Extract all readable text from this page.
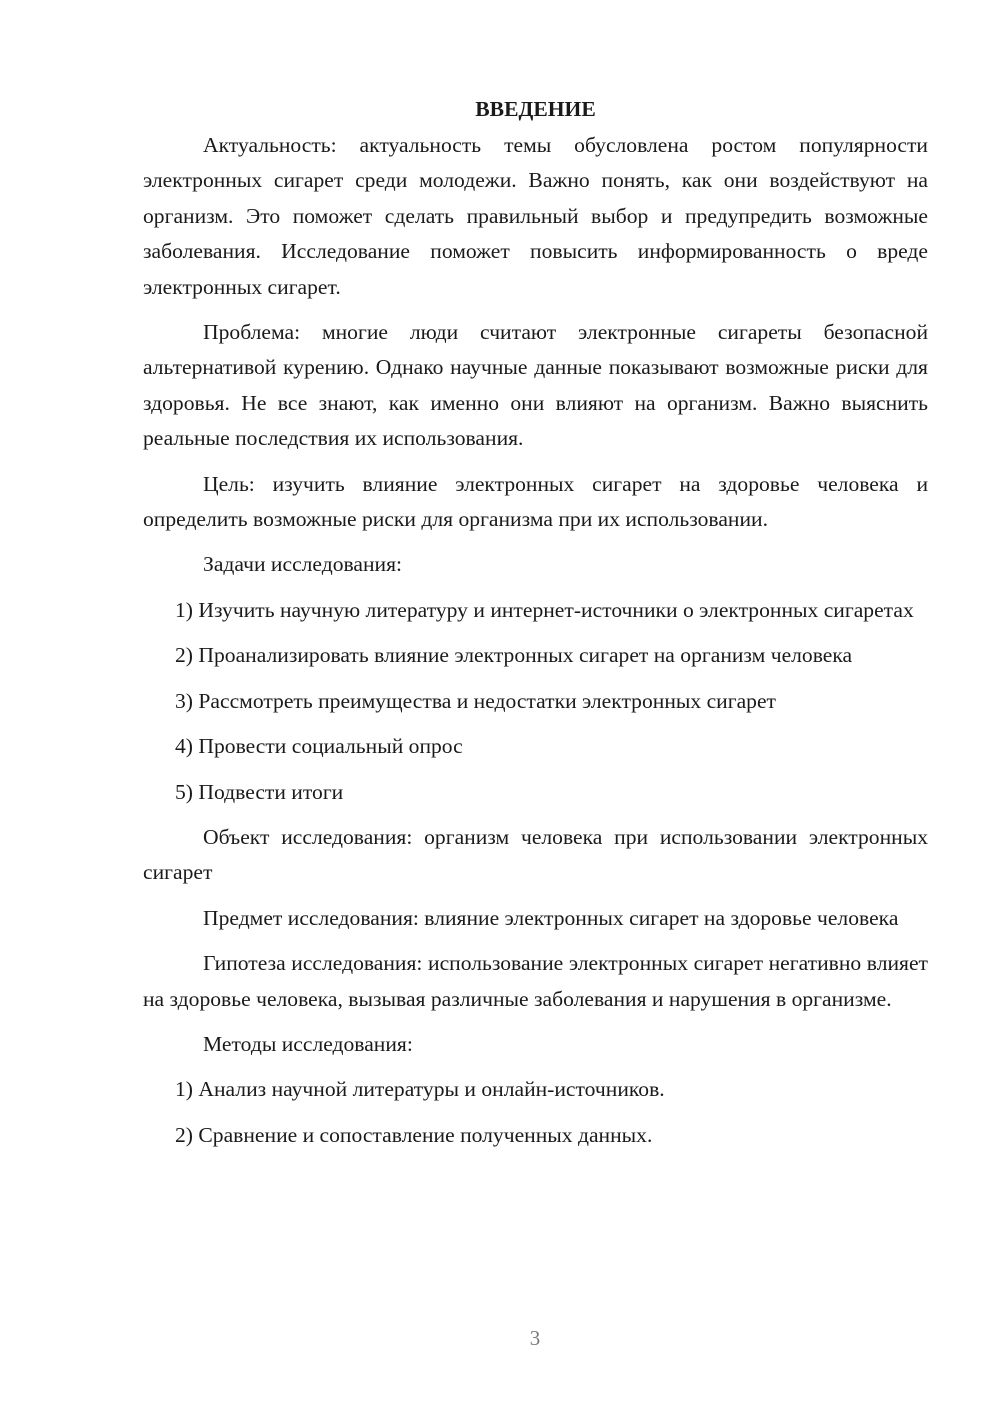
ВВЕДЕНИЕ

Актуальность: актуальность темы обусловлена ростом популярности электронных сигарет среди молодежи. Важно понять, как они воздействуют на организм. Это поможет сделать правильный выбор и предупредить возможные заболевания. Исследование поможет повысить информированность о вреде электронных сигарет.

Проблема: многие люди считают электронные сигареты безопасной альтернативой курению. Однако научные данные показывают возможные риски для здоровья. Не все знают, как именно они влияют на организм. Важно выяснить реальные последствия их использования.

Цель: изучить влияние электронных сигарет на здоровье человека и определить возможные риски для организма при их использовании.

Задачи исследования:

1) Изучить научную литературу и интернет-источники о электронных сигаретах

2) Проанализировать влияние электронных сигарет на организм человека

3) Рассмотреть преимущества и недостатки электронных сигарет

4) Провести социальный опрос

5) Подвести итоги

Объект исследования: организм человека при использовании электронных сигарет

Предмет исследования: влияние электронных сигарет на здоровье человека

Гипотеза исследования: использование электронных сигарет негативно влияет на здоровье человека, вызывая различные заболевания и нарушения в организме.

Методы исследования:

1) Анализ научной литературы и онлайн-источников.

2) Сравнение и сопоставление полученных данных.

3
